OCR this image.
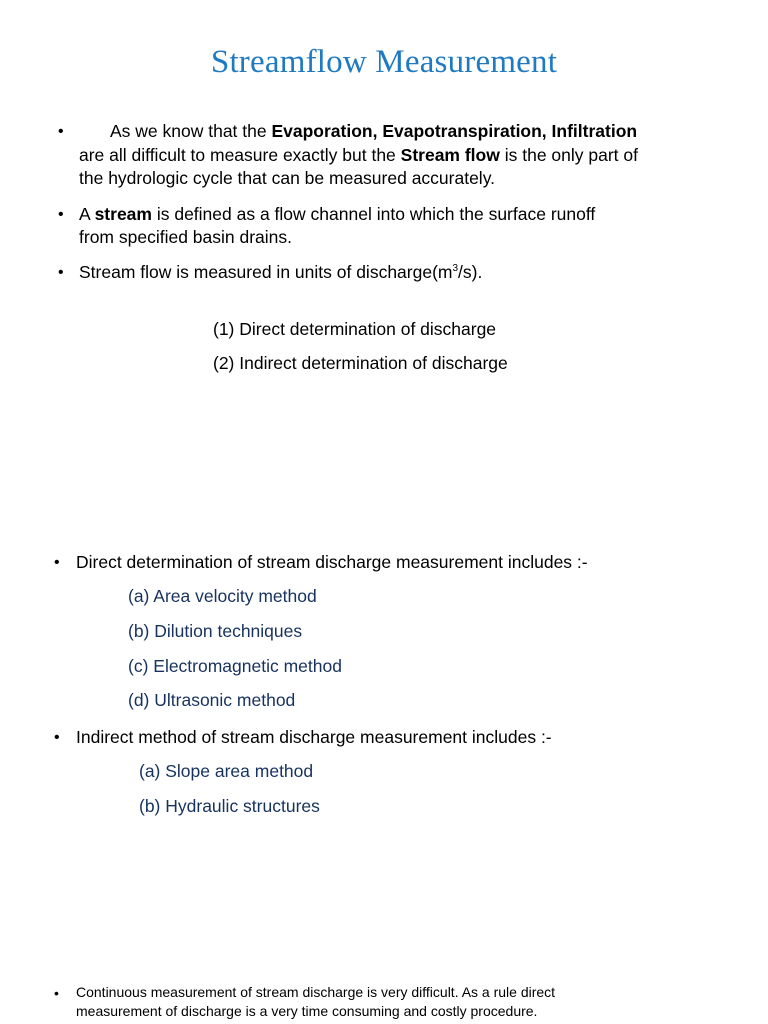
Streamflow Measurement
•	As we know that the Evaporation, Evapotranspiration, Infiltration
are all difficult to measure exactly but the Stream flow is the only part of
the hydrologic cycle that can be measured accurately.
• A stream is defined as a flow channel into which the surface runoff
from specified basin drains.
• Stream flow is measured in units of $discharge(m^3/s)$.
(1) Direct determination of discharge
(2) Indirect determination of discharge
• Direct determination of stream discharge measurement includes :-
(a) Area velocity method
(b) Dilution techniques
(c) Electromagnetic method
(d) Ultrasonic method
• Indirect method of stream discharge measurement includes :-
(a) Slope area method
(b) Hydraulic structures
• Continuous measurement of stream discharge is very difficult. As a rule direct
measurement of discharge is a very time consuming and costly procedure.
